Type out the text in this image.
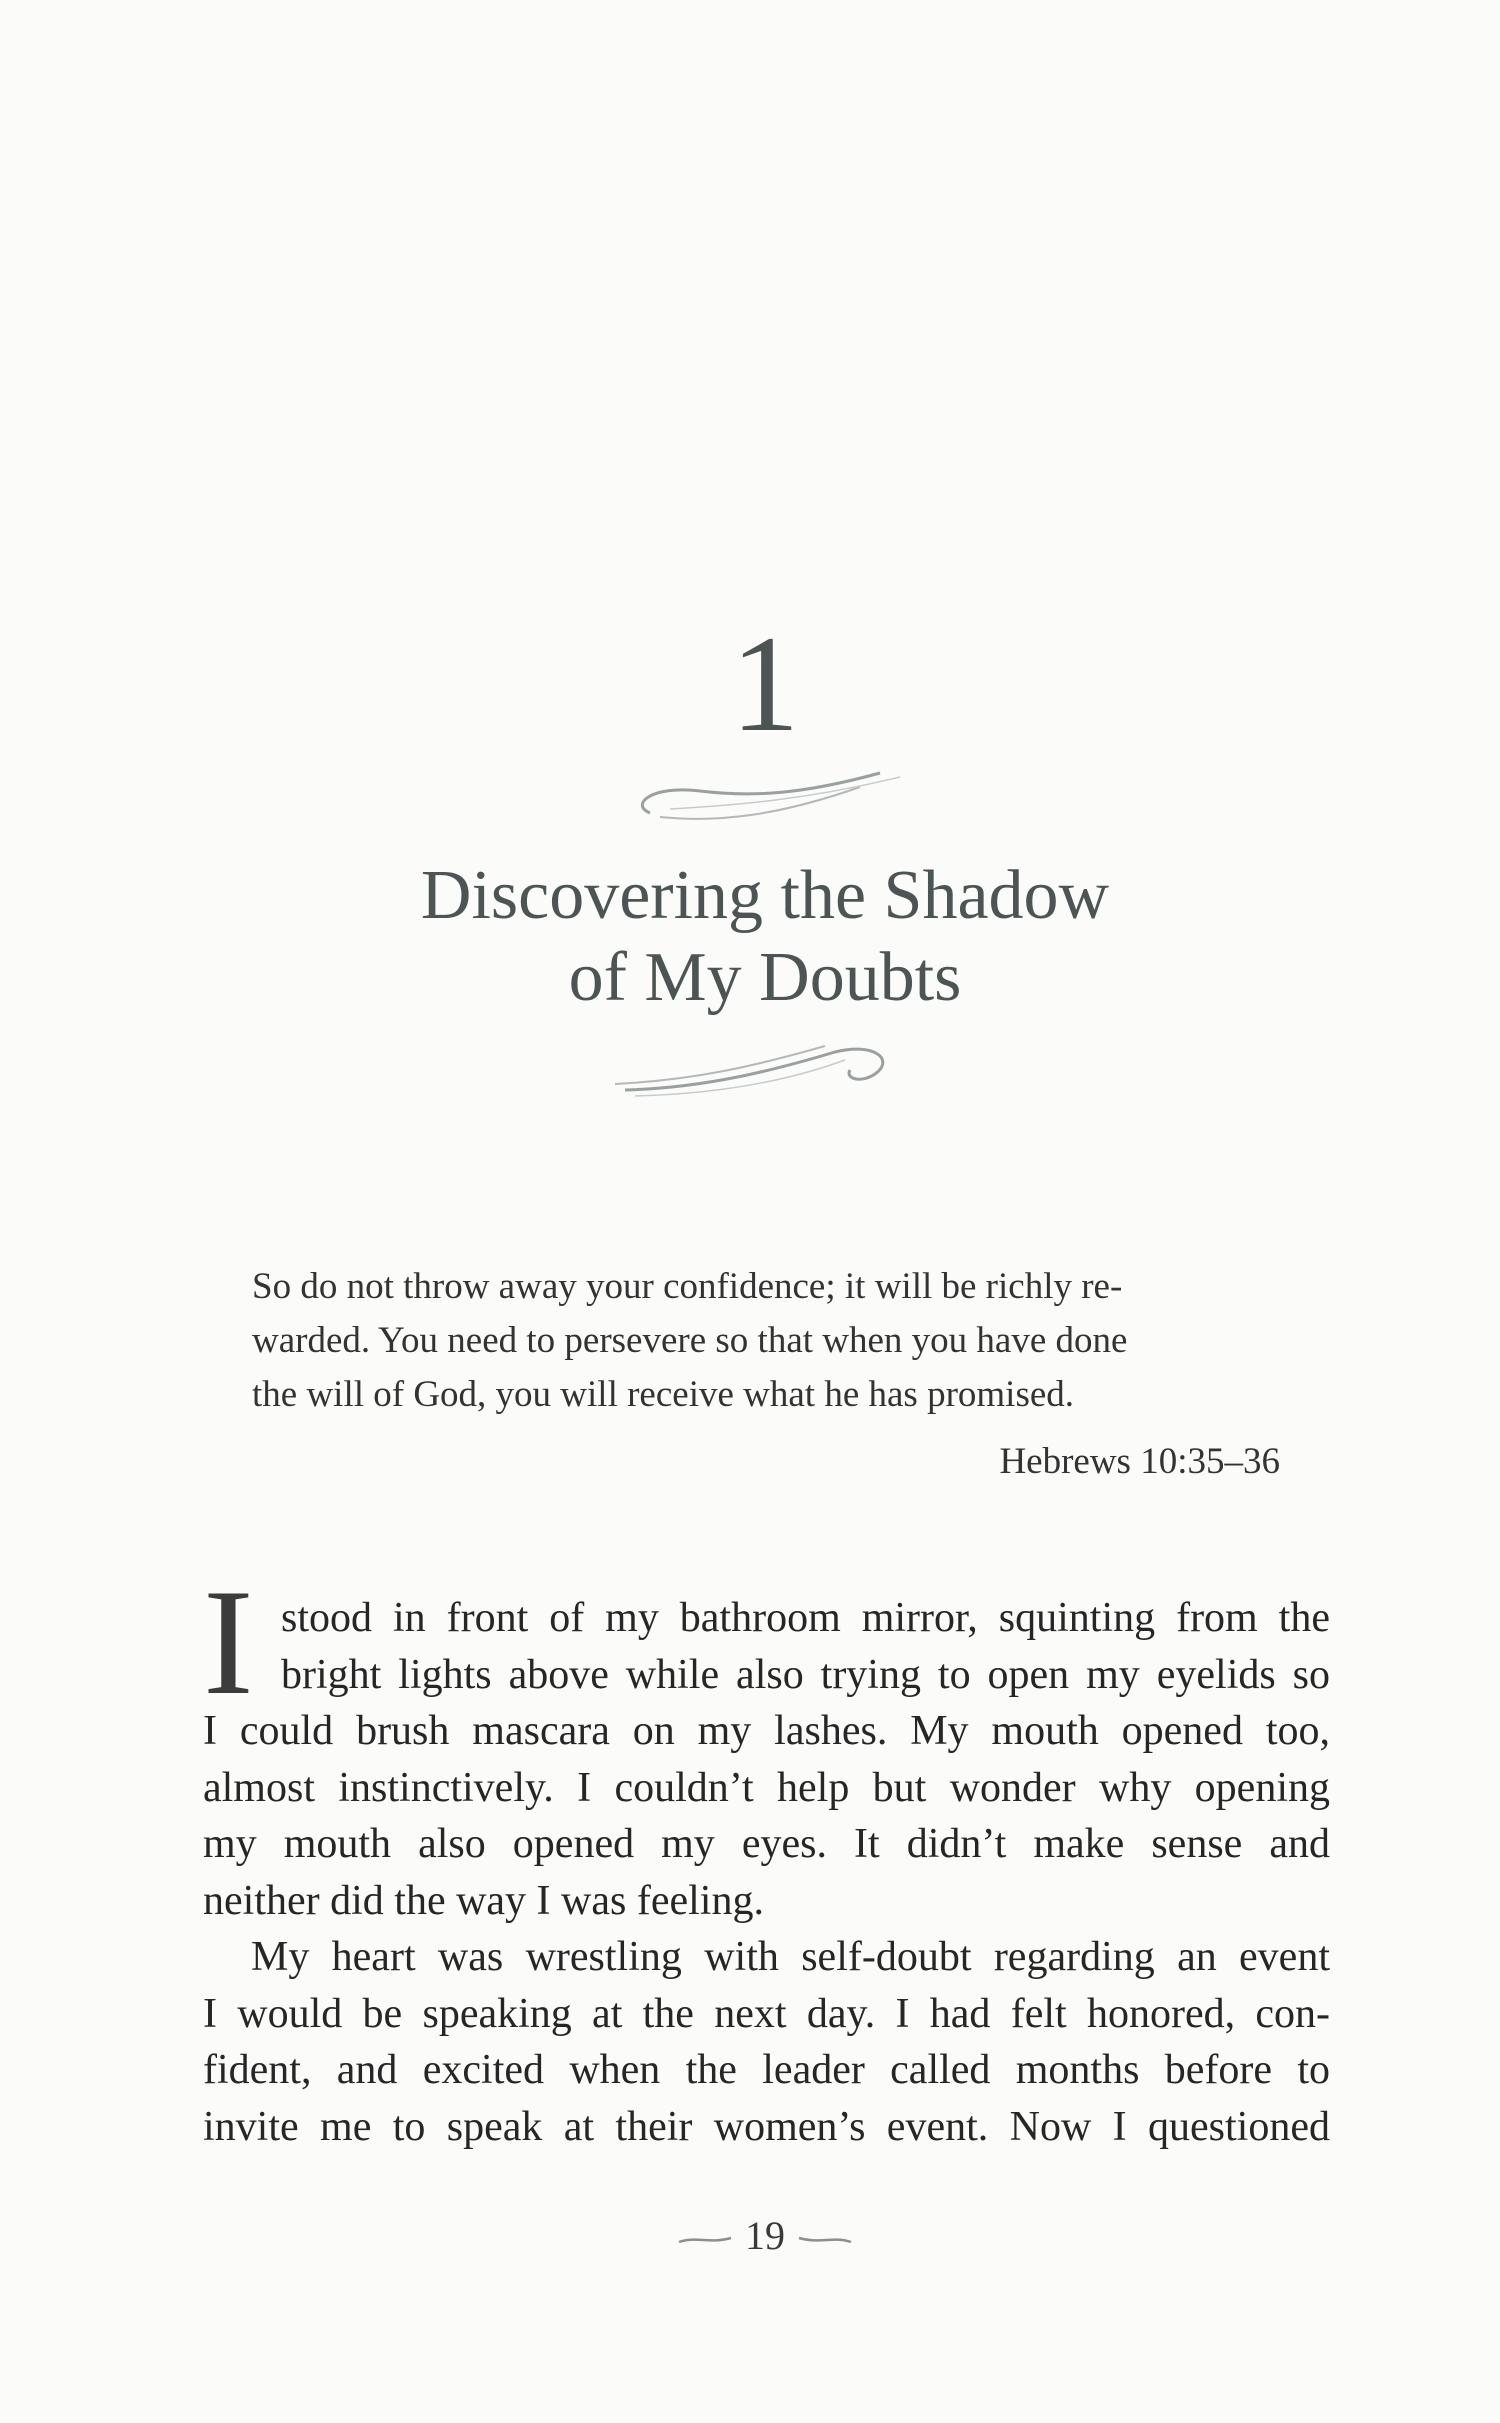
1
Discovering the Shadow
of My Doubts
So do not throw away your confidence; it will be richly re-
warded. You need to persevere so that when you have done
the will of God, you will receive what he has promised.
Hebrews 10:35–36
I stood in front of my bathroom mirror, squinting from the
bright lights above while also trying to open my eyelids so
I could brush mascara on my lashes. My mouth opened too,
almost instinctively. I couldn’t help but wonder why opening
my mouth also opened my eyes. It didn’t make sense and
neither did the way I was feeling.
My heart was wrestling with self-doubt regarding an event
I would be speaking at the next day. I had felt honored, con-
fident, and excited when the leader called months before to
invite me to speak at their women’s event. Now I questioned
19
